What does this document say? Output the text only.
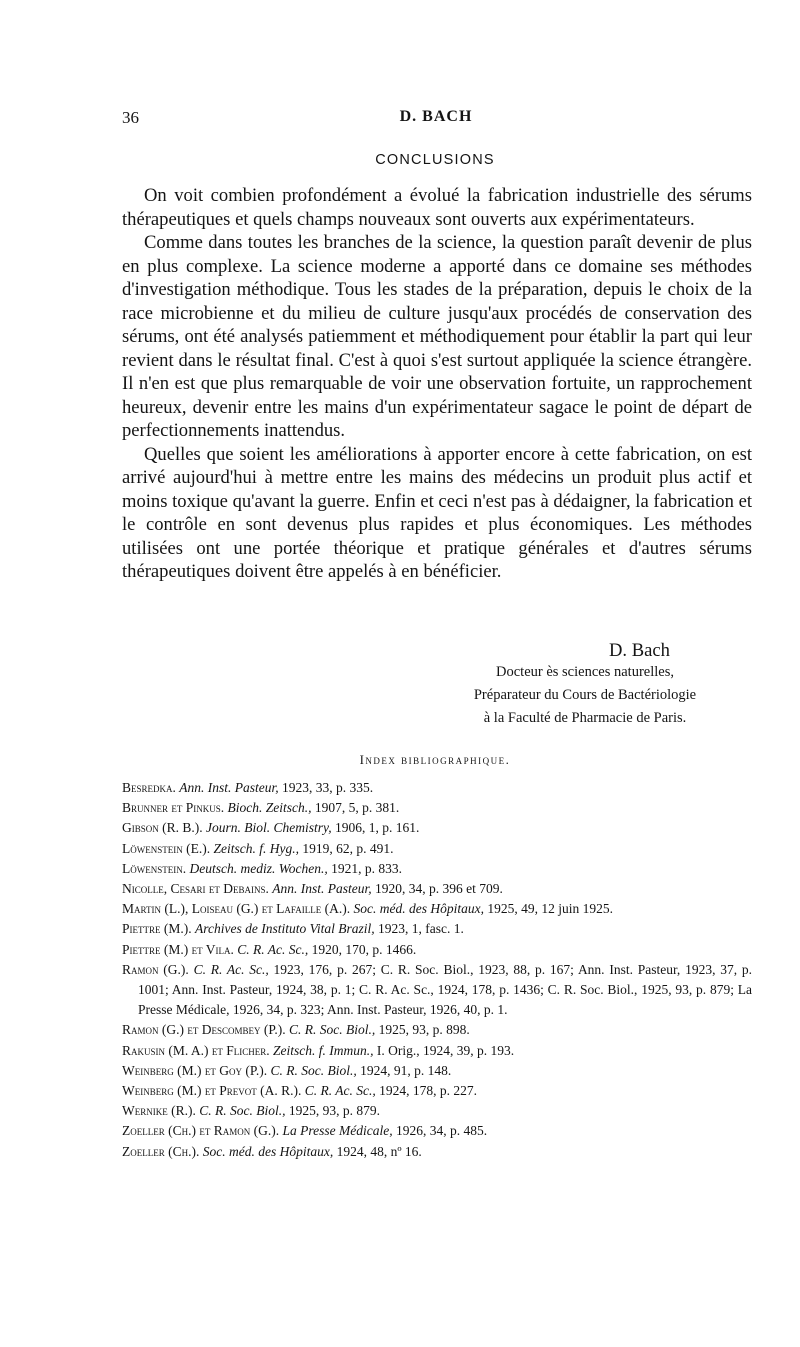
36	D. BACH
CONCLUSIONS

On voit combien profondément a évolué la fabrication industrielle des sérums thérapeutiques et quels champs nouveaux sont ouverts aux expérimentateurs.

Comme dans toutes les branches de la science, la question paraît devenir de plus en plus complexe. La science moderne a apporté dans ce domaine ses méthodes d'investigation méthodique. Tous les stades de la préparation, depuis le choix de la race microbienne et du milieu de culture jusqu'aux procédés de conservation des sérums, ont été analysés patiemment et méthodiquement pour établir la part qui leur revient dans le résultat final. C'est à quoi s'est surtout appliquée la science étrangère. Il n'en est que plus remarquable de voir une observation fortuite, un rapprochement heureux, devenir entre les mains d'un expérimentateur sagace le point de départ de perfectionnements inattendus.

Quelles que soient les améliorations à apporter encore à cette fabrication, on est arrivé aujourd'hui à mettre entre les mains des médecins un produit plus actif et moins toxique qu'avant la guerre. Enfin et ceci n'est pas à dédaigner, la fabrication et le contrôle en sont devenus plus rapides et plus économiques. Les méthodes utilisées ont une portée théorique et pratique générales et d'autres sérums thérapeutiques doivent être appelés à en bénéficier.

D. Bach
Docteur ès sciences naturelles,
Préparateur du Cours de Bactériologie
à la Faculté de Pharmacie de Paris.
Index bibliographique.

Besredka. Ann. Inst. Pasteur, 1923, 33, p. 335.

Brunner et Pinkus. Bioch. Zeitsch., 1907, 5, p. 381.

Gibson (R. B.). Journ. Biol. Chemistry, 1906, 1, p. 161.

Löwenstein (E.). Zeitsch. f. Hyg., 1919, 62, p. 491.

Löwenstein. Deutsch. mediz. Wochen., 1921, p. 833.

Nicolle, Cesari et Debains. Ann. Inst. Pasteur, 1920, 34, p. 396 et 709.

Martin (L.), Loiseau (G.) et Lafaille (A.). Soc. méd. des Hôpitaux, 1925, 49, 12 juin 1925.

Piettre (M.). Archives de Instituto Vital Brazil, 1923, 1, fasc. 1.

Piettre (M.) et Vila. C. R. Ac. Sc., 1920, 170, p. 1466.

Ramon (G.). C. R. Ac. Sc., 1923, 176, p. 267; C. R. Soc. Biol., 1923, 88, p. 167; Ann. Inst. Pasteur, 1923, 37, p. 1001; Ann. Inst. Pasteur, 1924, 38, p. 1; C. R. Ac. Sc., 1924, 178, p. 1436; C. R. Soc. Biol., 1925, 93, p. 879; La Presse Médicale, 1926, 34, p. 323; Ann. Inst. Pasteur, 1926, 40, p. 1.

Ramon (G.) et Descombey (P.). C. R. Soc. Biol., 1925, 93, p. 898.

Rakusin (M. A.) et Flicher. Zeitsch. f. Immun., I. Orig., 1924, 39, p. 193.

Weinberg (M.) et Goy (P.). C. R. Soc. Biol., 1924, 91, p. 148.

Weinberg (M.) et Prevot (A. R.). C. R. Ac. Sc., 1924, 178, p. 227.

Wernike (R.). C. R. Soc. Biol., 1925, 93, p. 879.

Zoeller (Ch.) et Ramon (G.). La Presse Médicale, 1926, 34, p. 485.

Zoeller (Ch.). Soc. méd. des Hôpitaux, 1924, 48, nº 16.
